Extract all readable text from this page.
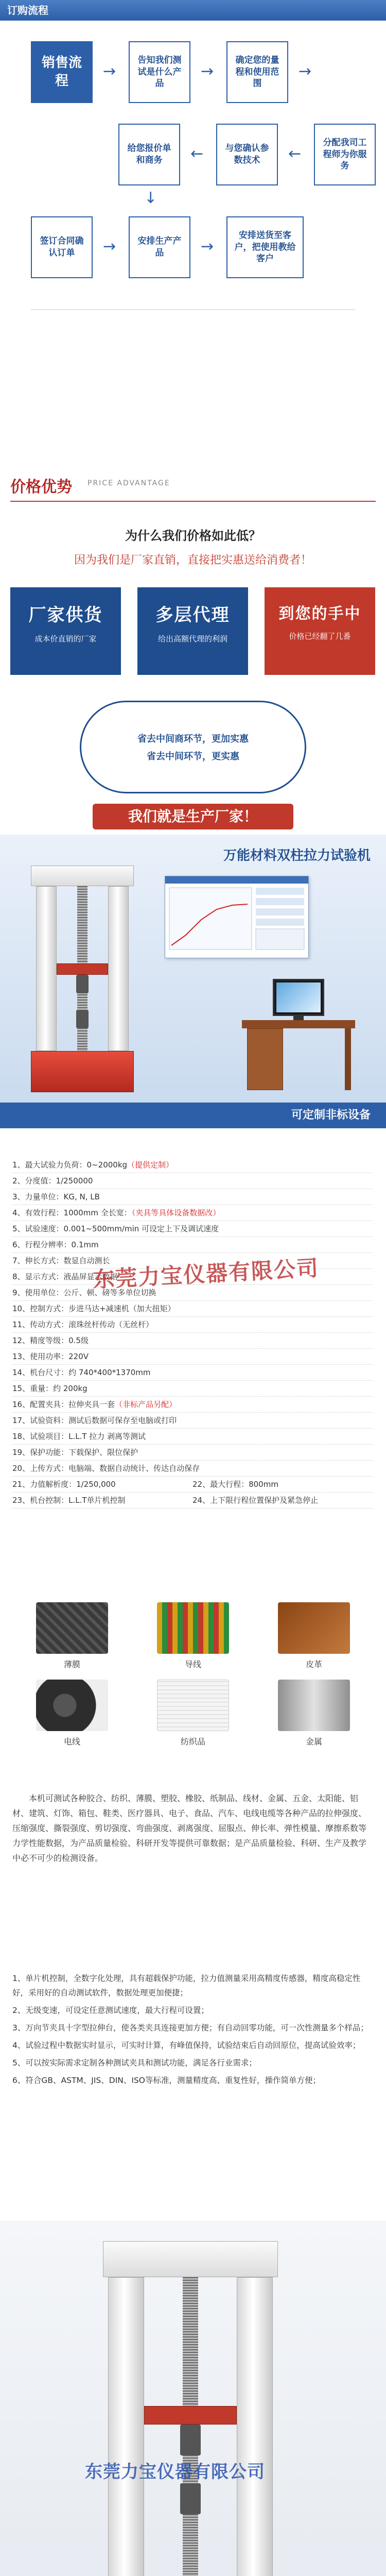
订购流程
销售流程
→
告知我们测试是什么产品
→
确定您的量程和使用范围
→
分配我司工程师为你服务
←
与您确认参数技术
←
给您报价单和商务
↓
签订合同确认订单	→	安排生产产品	→
安排送货至客户，把使用教给客户
价格优势 PRICE ADVANTAGE
为什么我们价格如此低？
因为我们是厂家直销，直接把实惠送给消费者！
厂家供货
成本价直销的厂家
多层代理
给出高额代理的利润
到您的手中
价格已经翻了几番
省去中间商环节，更加实惠
省去中间环节，更实惠
我们就是生产厂家！
万能材料双柱拉力试验机
可定制非标设备
1、最大试验力负荷：0~2000kg（提供定制）
2、分度值：1/250000
3、力量单位：KG, N, LB
4、有效行程：1000mm 全长宽：（夹具等具体设备数据改）
5、试验速度：0.001~500mm/min 可设定上下及调试速度
6、行程分辨率：0.1mm
7、伸长方式：数显自动测长
8、显示方式：液晶屏显示数据
9、使用单位：公斤、顿、磅等多单位切换
10、控制方式：步进马达+减速机（加大扭矩）
11、传动方式：滚珠丝杆传动（无丝杆）
12、精度等级：0.5级
13、使用功率：220V
14、机台尺寸：约 740*400*1370mm
15、重量：约 200kg
16、配置夹具：拉伸夹具一套（非标产品另配）
17、试验资料：测试后数据可保存至电脑或打印
18、试验项目：L.L.T 拉力 剥离等测试
19、保护功能：下载保护、限位保护
20、上传方式：电脑端、数据自动统计、传达自动保存
21、力值解析度：1/250,000	22、最大行程：800mm
23、机台控制：L.L.T单片机控制	24、上下限行程位置保护及紧急停止
东莞力宝仪器有限公司
薄膜	导线	皮革
电线	纺织品	金属

本机可测试各种胶合、纺织、薄膜、塑胶、橡胶、纸制品、线材、金属、五金、太阳能、铝材、建筑、灯饰、箱包、鞋类、医疗器具、电子、食品、汽车、电线电缆等各种产品的拉伸强度、压缩强度、撕裂强度、剪切强度、弯曲强度、剥离强度、屈服点、伸长率、弹性模量、摩擦系数等力学性能数据，为产品质量检验、科研开发等提供可靠数据；是产品质量检验、科研、生产及教学中必不可少的检测设备。

1、单片机控制，全数字化处理，具有超载保护功能，拉力值测量采用高精度传感器，精度高稳定性好，采用好的自动测试软件，数据处理更加便捷；
2、无级变速，可设定任意测试速度，最大行程可设置；
3、万向节夹具十字型拉伸台，使各类夹具连接更加方便；有自动回零功能，可一次性测量多个样品；
4、试验过程中数据实时显示，可实时计算，有峰值保持，试验结束后自动回原位，提高试验效率；
5、可以按实际需求定制各种测试夹具和测试功能，满足各行业需求；
6、符合GB、ASTM、JIS、DIN、ISO等标准，测量精度高、重复性好，操作简单方便；
东莞力宝仪器有限公司
